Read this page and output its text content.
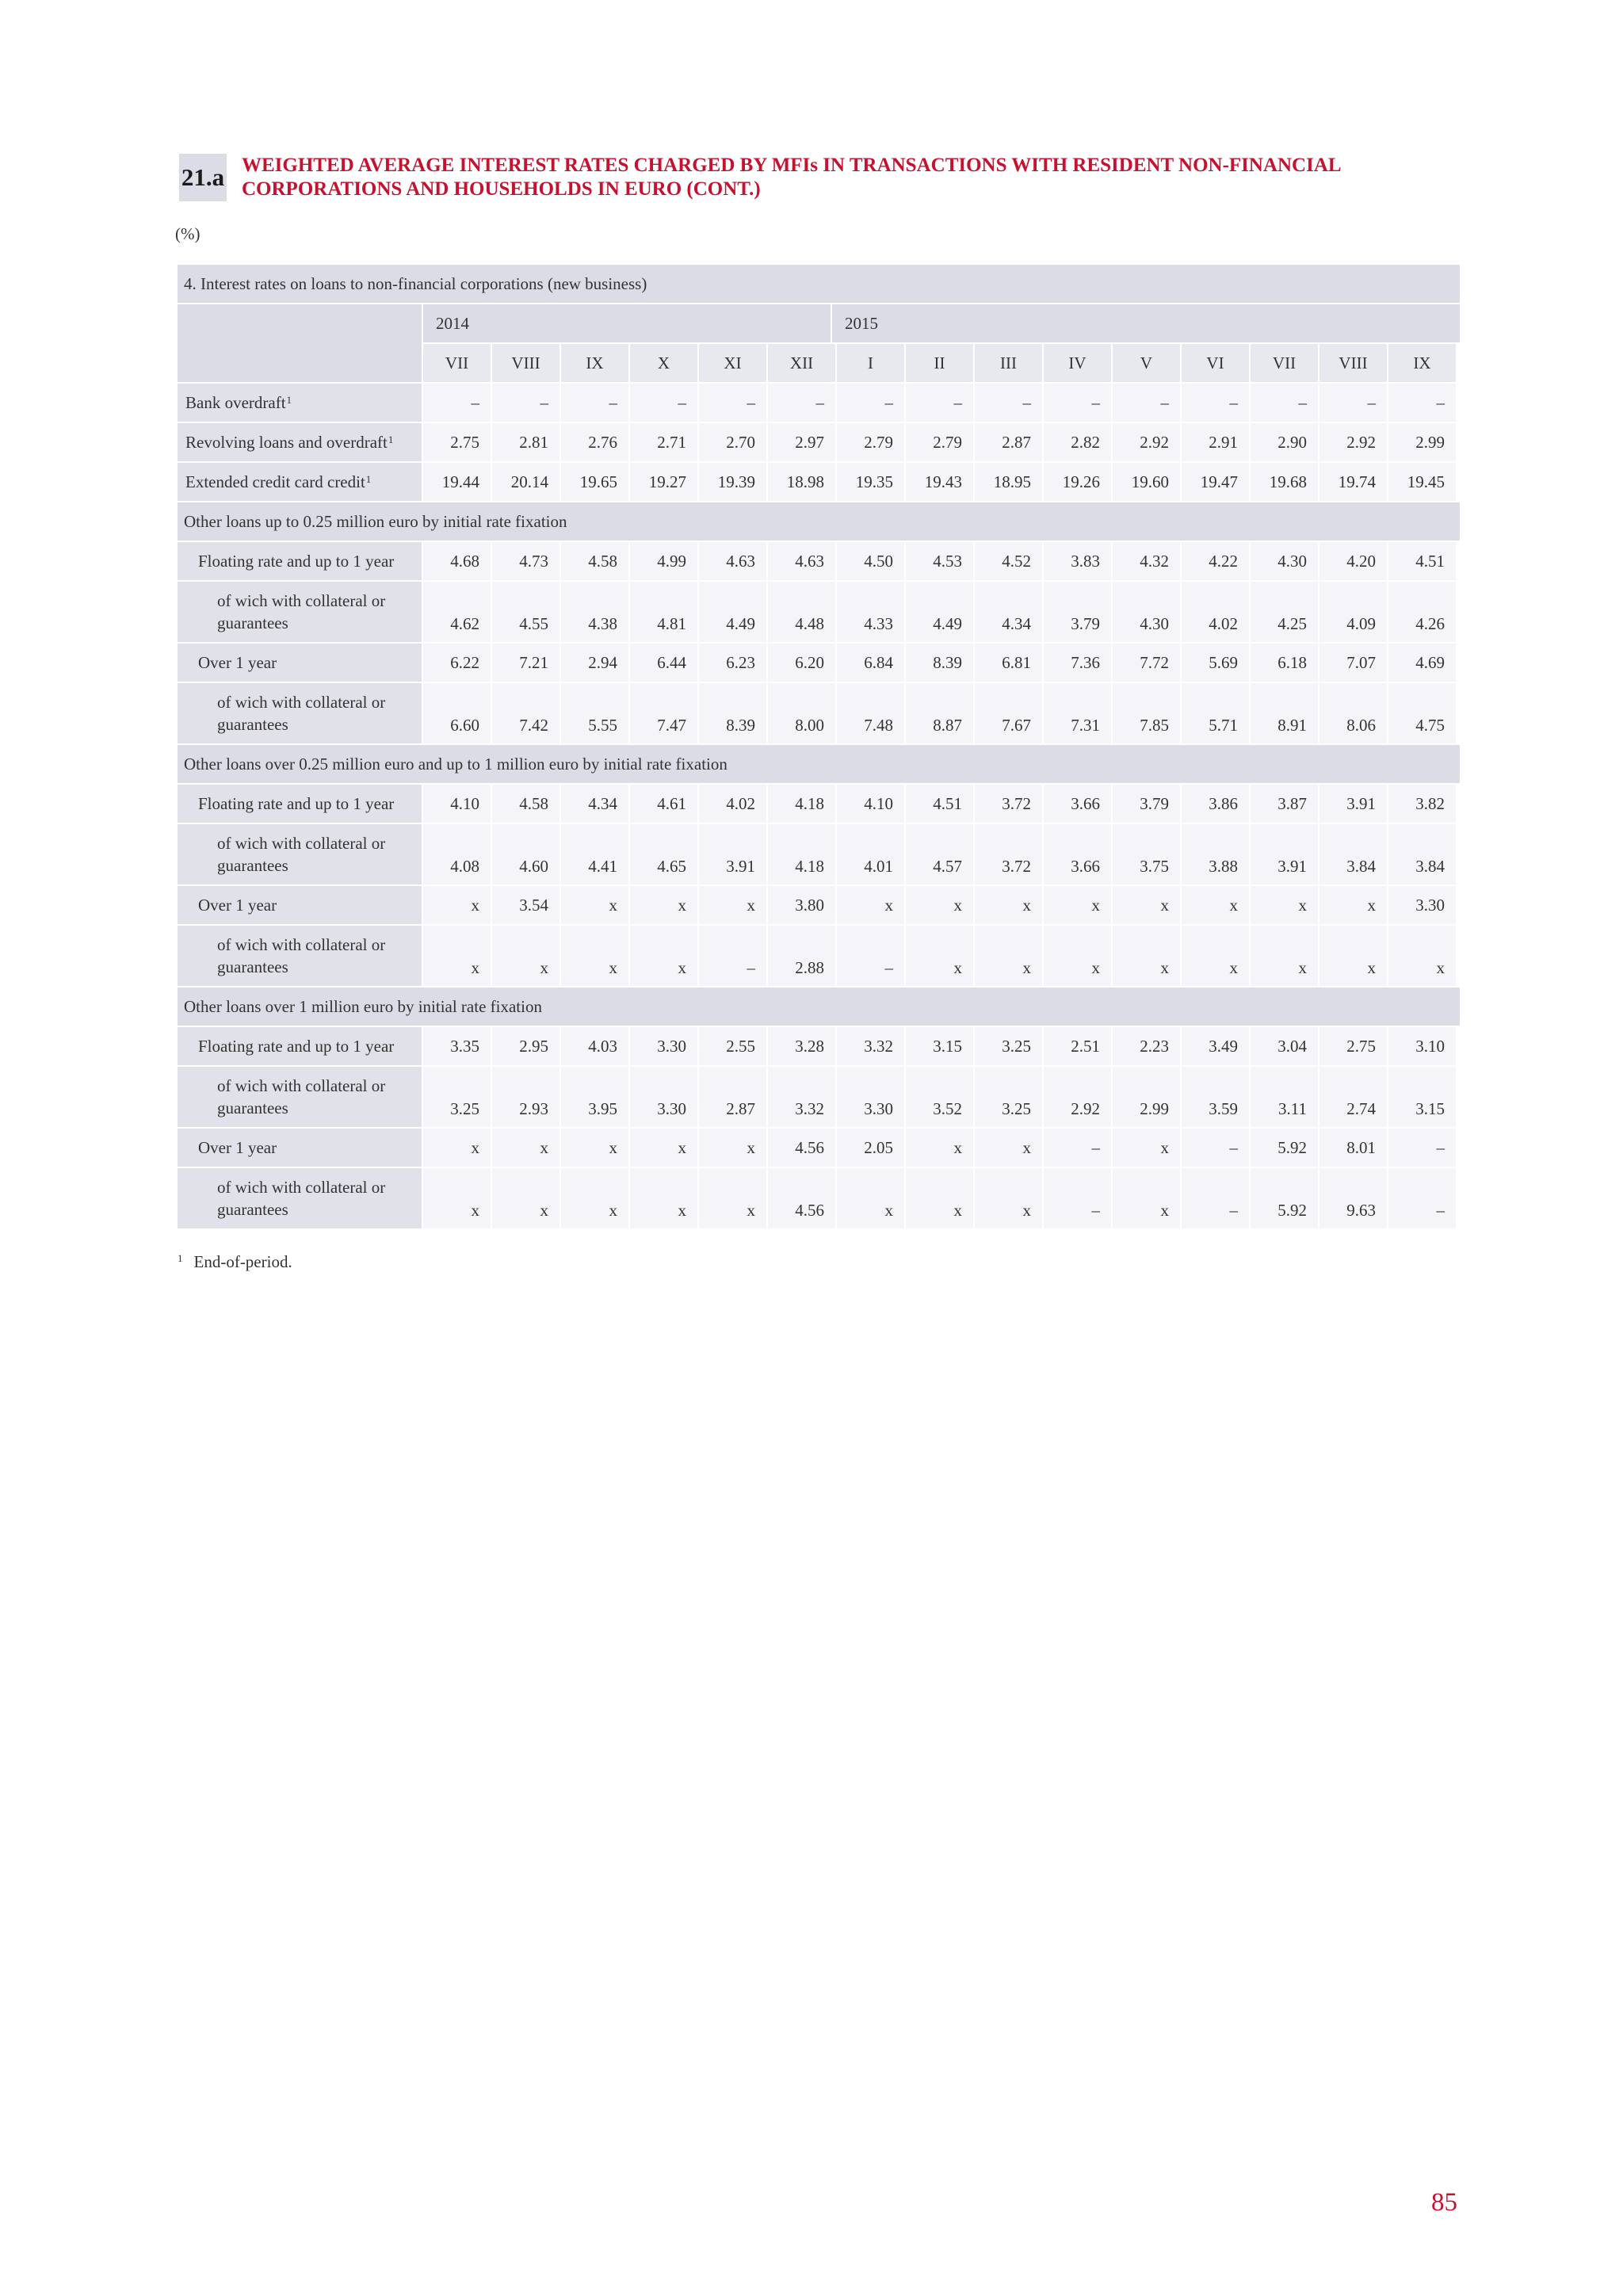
21.a WEIGHTED AVERAGE INTEREST RATES CHARGED BY MFIs IN TRANSACTIONS WITH RESIDENT NON-FINANCIAL
CORPORATIONS AND HOUSEHOLDS IN EURO (CONT.)
(%)
4. Interest rates on loans to non-financial corporations (new business)
2014	2015
VII	VIII	IX	X	XI	XII	I	II	III	IV	V	VI	VII	VIII	IX
Bank overdraft$^1$	–	–	–	–	–	–	–	–	–	–	–	–	–	–	–
Revolving loans and overdraft$^1$	2.75	2.81	2.76	2.71	2.70	2.97	2.79	2.79	2.87	2.82	2.92	2.91	2.90	2.92	2.99
Extended credit card credit$^1$	19.44	20.14	19.65	19.27	19.39	18.98	19.35	19.43	18.95	19.26	19.60	19.47	19.68	19.74	19.45
Other loans up to 0.25 million euro by initial rate fixation
Floating rate and up to 1 year	4.68	4.73	4.58	4.99	4.63	4.63	4.50	4.53	4.52	3.83	4.32	4.22	4.30	4.20	4.51
of wich with collateral or
guarantees	4.62	4.55	4.38	4.81	4.49	4.48	4.33	4.49	4.34	3.79	4.30	4.02	4.25	4.09	4.26
Over 1 year	6.22	7.21	2.94	6.44	6.23	6.20	6.84	8.39	6.81	7.36	7.72	5.69	6.18	7.07	4.69
of wich with collateral or
guarantees	6.60	7.42	5.55	7.47	8.39	8.00	7.48	8.87	7.67	7.31	7.85	5.71	8.91	8.06	4.75
Other loans over 0.25 million euro and up to 1 million euro by initial rate fixation
Floating rate and up to 1 year	4.10	4.58	4.34	4.61	4.02	4.18	4.10	4.51	3.72	3.66	3.79	3.86	3.87	3.91	3.82
of wich with collateral or
guarantees	4.08	4.60	4.41	4.65	3.91	4.18	4.01	4.57	3.72	3.66	3.75	3.88	3.91	3.84	3.84
Over 1 year	x	3.54	x	x	x	3.80	x	x	x	x	x	x	x	x	3.30
of wich with collateral or
guarantees	x	x	x	x	–	2.88	–	x	x	x	x	x	x	x	x
Other loans over 1 million euro by initial rate fixation
Floating rate and up to 1 year	3.35	2.95	4.03	3.30	2.55	3.28	3.32	3.15	3.25	2.51	2.23	3.49	3.04	2.75	3.10
of wich with collateral or
guarantees	3.25	2.93	3.95	3.30	2.87	3.32	3.30	3.52	3.25	2.92	2.99	3.59	3.11	2.74	3.15
Over 1 year	x	x	x	x	x	4.56	2.05	x	x	–	x	–	5.92	8.01	–
of wich with collateral or
guarantees	x	x	x	x	x	4.56	x	x	x	–	x	–	5.92	9.63	–
$^1$ End-of-period.
85
